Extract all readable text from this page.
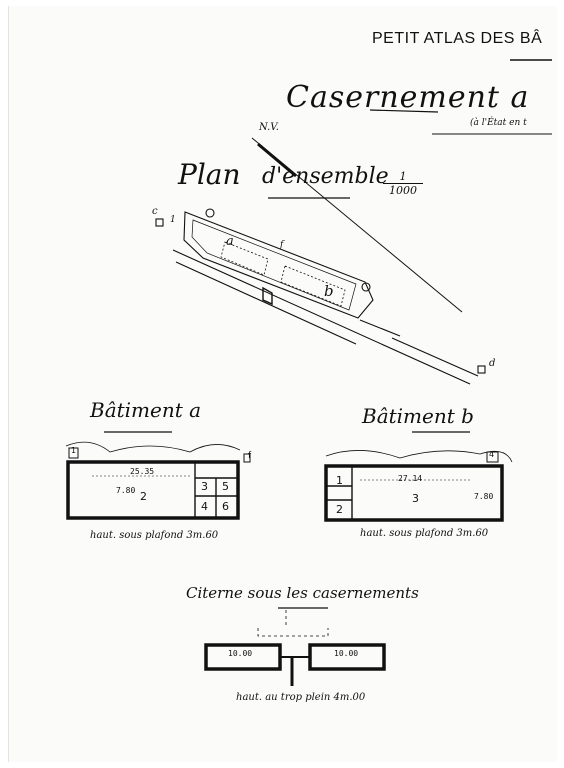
PETIT ATLAS DES BÂ
Casernement a
(à l'État en t
N.V.
Plan d'ensemble
$\frac{1}{1000}$
a
b
c
d
f
1
Bâtiment a
25.35
7.80
1
2
3
4
5
6
f
haut. sous plafond 3m.60
Bâtiment b
27.14
7.80
1
2
3
4
haut. sous plafond 3m.60
Citerne sous les casernements
10.00	10.00
haut. au trop plein 4m.00
